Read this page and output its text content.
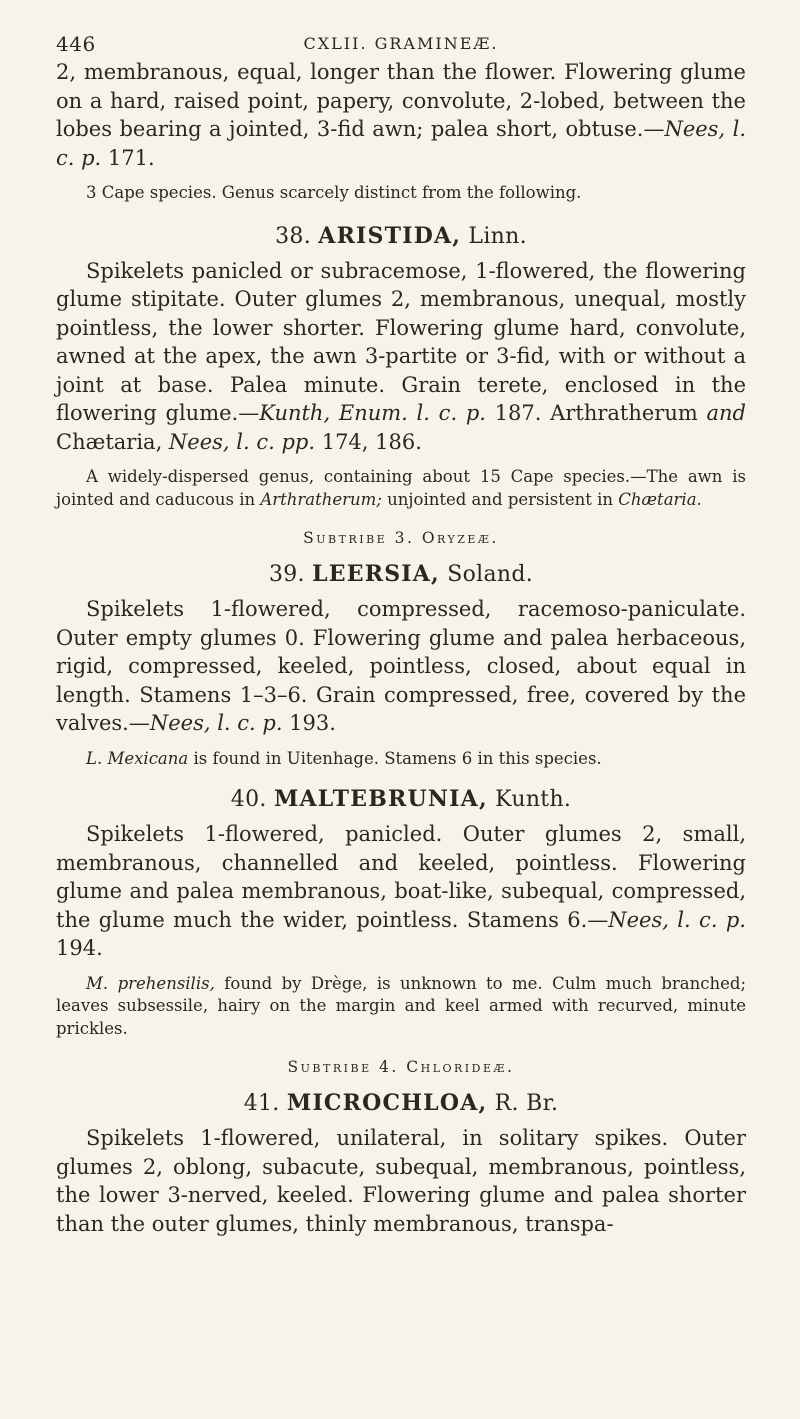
446	CXLII. GRAMINEÆ.

2, membranous, equal, longer than the flower. Flowering glume on a hard, raised point, papery, convolute, 2-lobed, between the lobes bearing a jointed, 3-fid awn; palea short, obtuse.—Nees, l. c. p. 171.

3 Cape species. Genus scarcely distinct from the following.

38. ARISTIDA, Linn.

Spikelets panicled or subracemose, 1-flowered, the flowering glume stipitate. Outer glumes 2, membranous, unequal, mostly pointless, the lower shorter. Flowering glume hard, convolute, awned at the apex, the awn 3-partite or 3-fid, with or without a joint at base. Palea minute. Grain terete, enclosed in the flowering glume.—Kunth, Enum. l. c. p. 187. Arthratherum and Chætaria, Nees, l. c. pp. 174, 186.

A widely-dispersed genus, containing about 15 Cape species.—The awn is jointed and caducous in Arthratherum; unjointed and persistent in Chætaria.

Subtribe 3. Oryzeæ.

39. LEERSIA, Soland.

Spikelets 1-flowered, compressed, racemoso-paniculate. Outer empty glumes 0. Flowering glume and palea herbaceous, rigid, compressed, keeled, pointless, closed, about equal in length. Stamens 1–3–6. Grain compressed, free, covered by the valves.—Nees, l. c. p. 193.

L. Mexicana is found in Uitenhage. Stamens 6 in this species.

40. MALTEBRUNIA, Kunth.

Spikelets 1-flowered, panicled. Outer glumes 2, small, membranous, channelled and keeled, pointless. Flowering glume and palea membranous, boat-like, subequal, compressed, the glume much the wider, pointless. Stamens 6.—Nees, l. c. p. 194.

M. prehensilis, found by Drège, is unknown to me. Culm much branched; leaves subsessile, hairy on the margin and keel armed with recurved, minute prickles.

Subtribe 4. Chlorideæ.

41. MICROCHLOA, R. Br.

Spikelets 1-flowered, unilateral, in solitary spikes. Outer glumes 2, oblong, subacute, subequal, membranous, pointless, the lower 3-nerved, keeled. Flowering glume and palea shorter than the outer glumes, thinly membranous, transpa-
